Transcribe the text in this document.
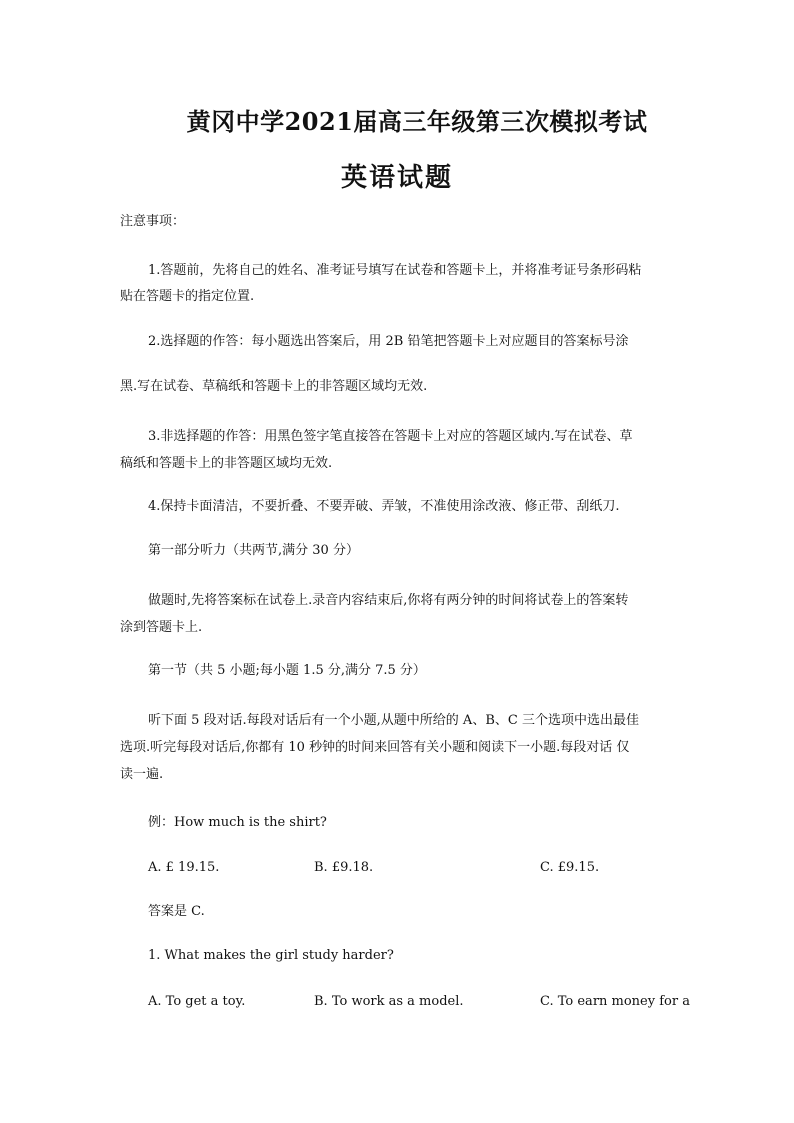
黄冈中学2021届高三年级第三次模拟考试
英语试题
注意事项：
1.答题前，先将自己的姓名、准考证号填写在试卷和答题卡上，并将准考证号条形码粘
贴在答题卡的指定位置.
2.选择题的作答：每小题选出答案后，用 2B 铅笔把答题卡上对应题目的答案标号涂
黑.写在试卷、草稿纸和答题卡上的非答题区域均无效.
3.非选择题的作答：用黑色签字笔直接答在答题卡上对应的答题区域内.写在试卷、草
稿纸和答题卡上的非答题区域均无效.
4.保持卡面清洁，不要折叠、不要弄破、弄皱，不准使用涂改液、修正带、刮纸刀.
第一部分听力（共两节,满分 30 分）
做题时,先将答案标在试卷上.录音内容结束后,你将有两分钟的时间将试卷上的答案转
涂到答题卡上.
第一节（共 5 小题;每小题 1.5 分,满分 7.5 分）
听下面 5 段对话.每段对话后有一个小题,从题中所给的 A、B、C 三个选项中选出最佳
选项.听完每段对话后,你都有 10 秒钟的时间来回答有关小题和阅读下一小题.每段对话 仅
读一遍.
例：How much is the shirt?
A. £ 19.15.	B. £9.18.	C. £9.15.
答案是 C.
1. What makes the girl study harder?
A. To get a toy.	B. To work as a model.	C. To earn money for a
